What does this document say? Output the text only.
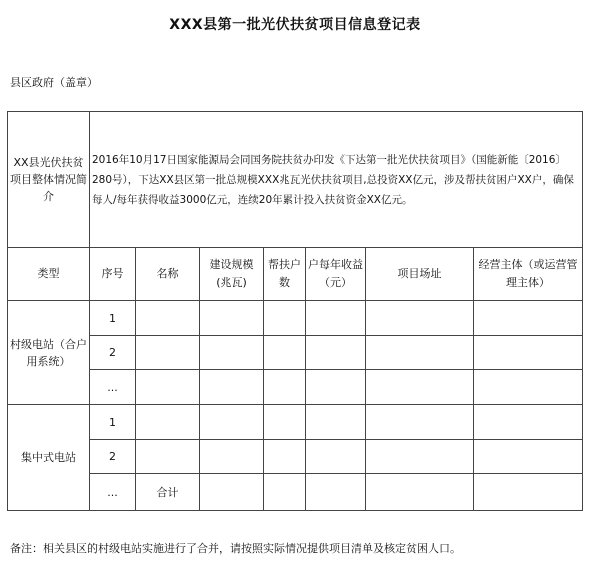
XXX县第一批光伏扶贫项目信息登记表
县区政府（盖章）
XX县光伏扶贫项目整体情况简介	2016年10月17日国家能源局会同国务院扶贫办印发《下达第一批光伏扶贫项目》（国能新能〔2016〕280号），下达XX县区第一批总规模XXX兆瓦光伏扶贫项目,总投资XX亿元，涉及帮扶贫困户XX户，确保每人/每年获得收益3000亿元，连续20年累计投入扶贫资金XX亿元。						
类型	序号	名称	建设规模(兆瓦)	帮扶户数	户每年收益（元）	项目场址	经营主体（或运营管理主体）
村级电站（合户用系统）	1						
	2						
	...						
集中式电站	1						
	2						
	...	合计					
备注：相关县区的村级电站实施进行了合并，请按照实际情况提供项目清单及核定贫困人口。
